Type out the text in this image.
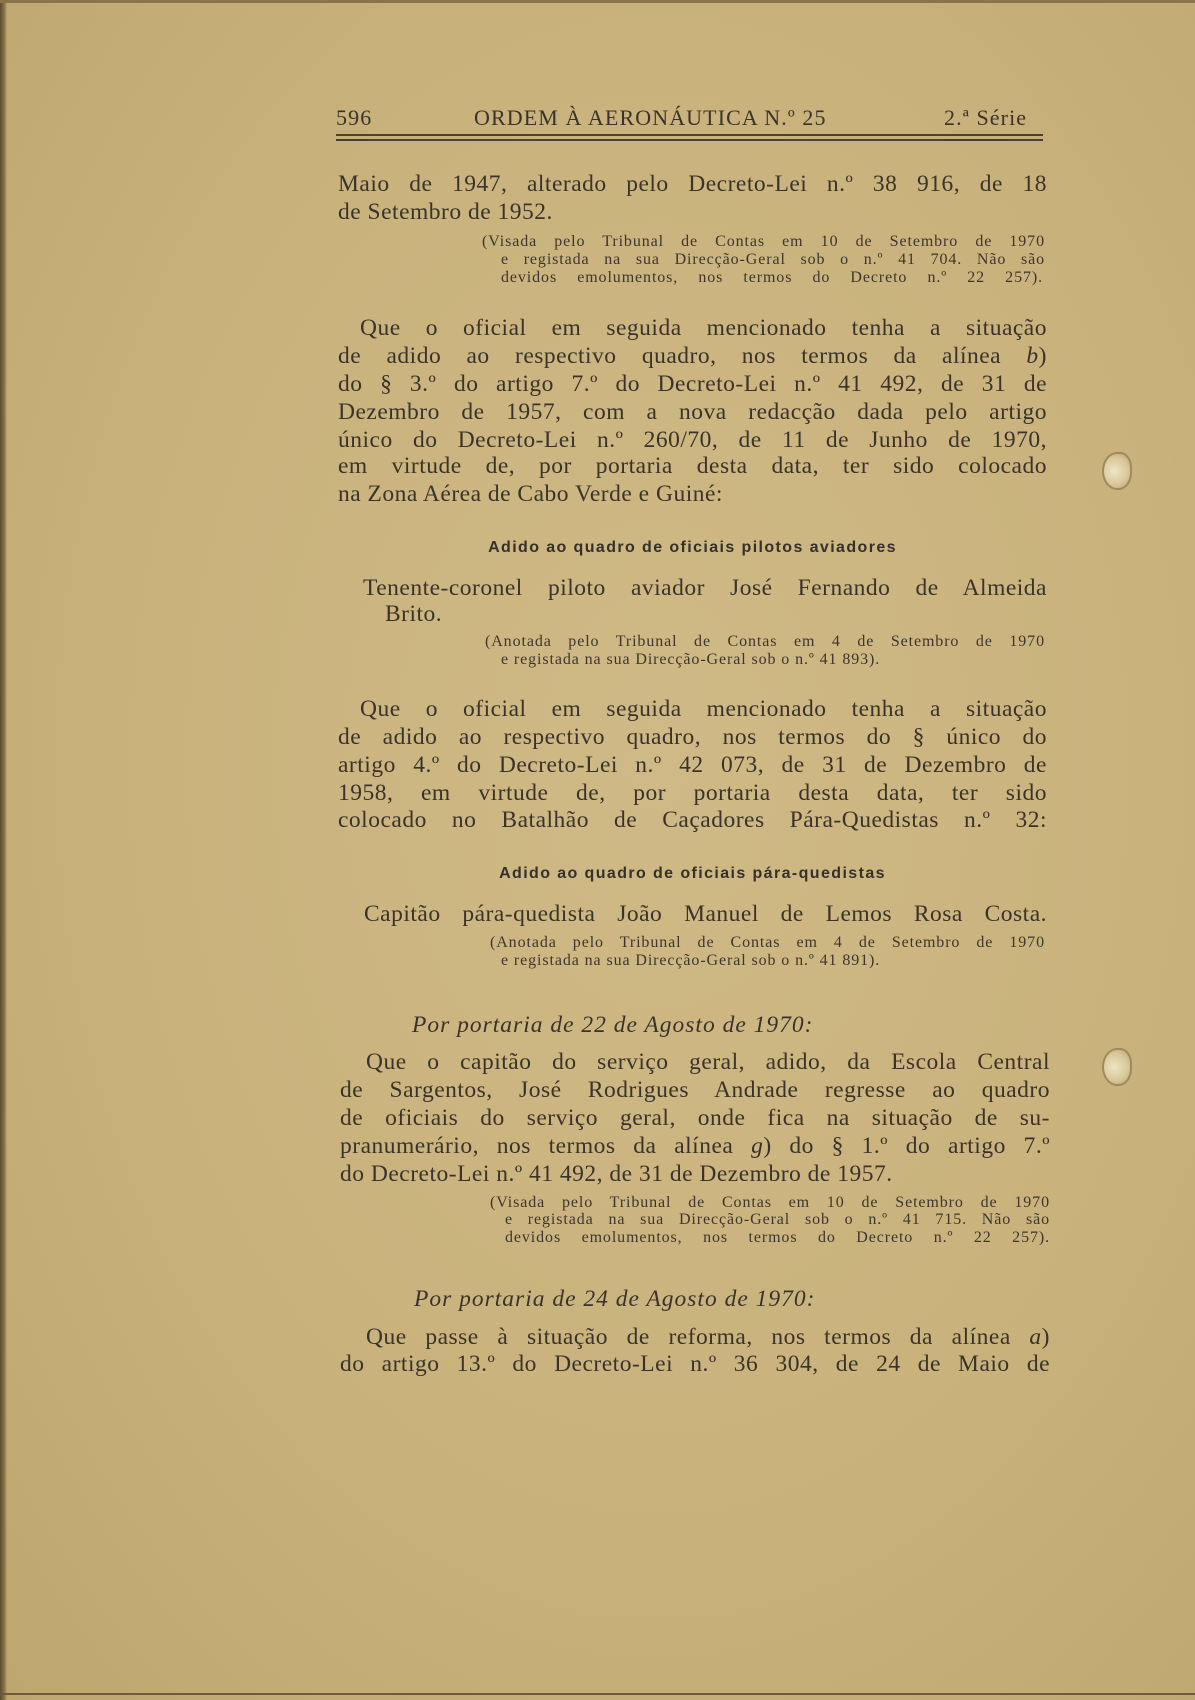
596	ORDEM À AERONÁUTICA N.º 25	2.ª Série
Maio de 1947, alterado pelo Decreto-Lei n.º 38 916, de 18
de Setembro de 1952.
(Visada pelo Tribunal de Contas em 10 de Setembro de 1970
e registada na sua Direcção-Geral sob o n.º 41 704. Não são
devidos emolumentos, nos termos do Decreto n.º 22 257).
Que o oficial em seguida mencionado tenha a situação
de adido ao respectivo quadro, nos termos da alínea b)
do § 3.º do artigo 7.º do Decreto-Lei n.º 41 492, de 31 de
Dezembro de 1957, com a nova redacção dada pelo artigo
único do Decreto-Lei n.º 260/70, de 11 de Junho de 1970,
em virtude de, por portaria desta data, ter sido colocado
na Zona Aérea de Cabo Verde e Guiné:
Adido ao quadro de oficiais pilotos aviadores
Tenente-coronel piloto aviador José Fernando de Almeida
Brito.
(Anotada pelo Tribunal de Contas em 4 de Setembro de 1970
e registada na sua Direcção-Geral sob o n.º 41 893).
Que o oficial em seguida mencionado tenha a situação
de adido ao respectivo quadro, nos termos do § único do
artigo 4.º do Decreto-Lei n.º 42 073, de 31 de Dezembro de
1958, em virtude de, por portaria desta data, ter sido
colocado no Batalhão de Caçadores Pára-Quedistas n.º 32:
Adido ao quadro de oficiais pára-quedistas
Capitão pára-quedista João Manuel de Lemos Rosa Costa.
(Anotada pelo Tribunal de Contas em 4 de Setembro de 1970
e registada na sua Direcção-Geral sob o n.º 41 891).
Por portaria de 22 de Agosto de 1970:
Que o capitão do serviço geral, adido, da Escola Central
de Sargentos, José Rodrigues Andrade regresse ao quadro
de oficiais do serviço geral, onde fica na situação de su-
pranumerário, nos termos da alínea g) do § 1.º do artigo 7.º
do Decreto-Lei n.º 41 492, de 31 de Dezembro de 1957.
(Visada pelo Tribunal de Contas em 10 de Setembro de 1970
e registada na sua Direcção-Geral sob o n.º 41 715. Não são
devidos emolumentos, nos termos do Decreto n.º 22 257).
Por portaria de 24 de Agosto de 1970:
Que passe à situação de reforma, nos termos da alínea a)
do artigo 13.º do Decreto-Lei n.º 36 304, de 24 de Maio de
